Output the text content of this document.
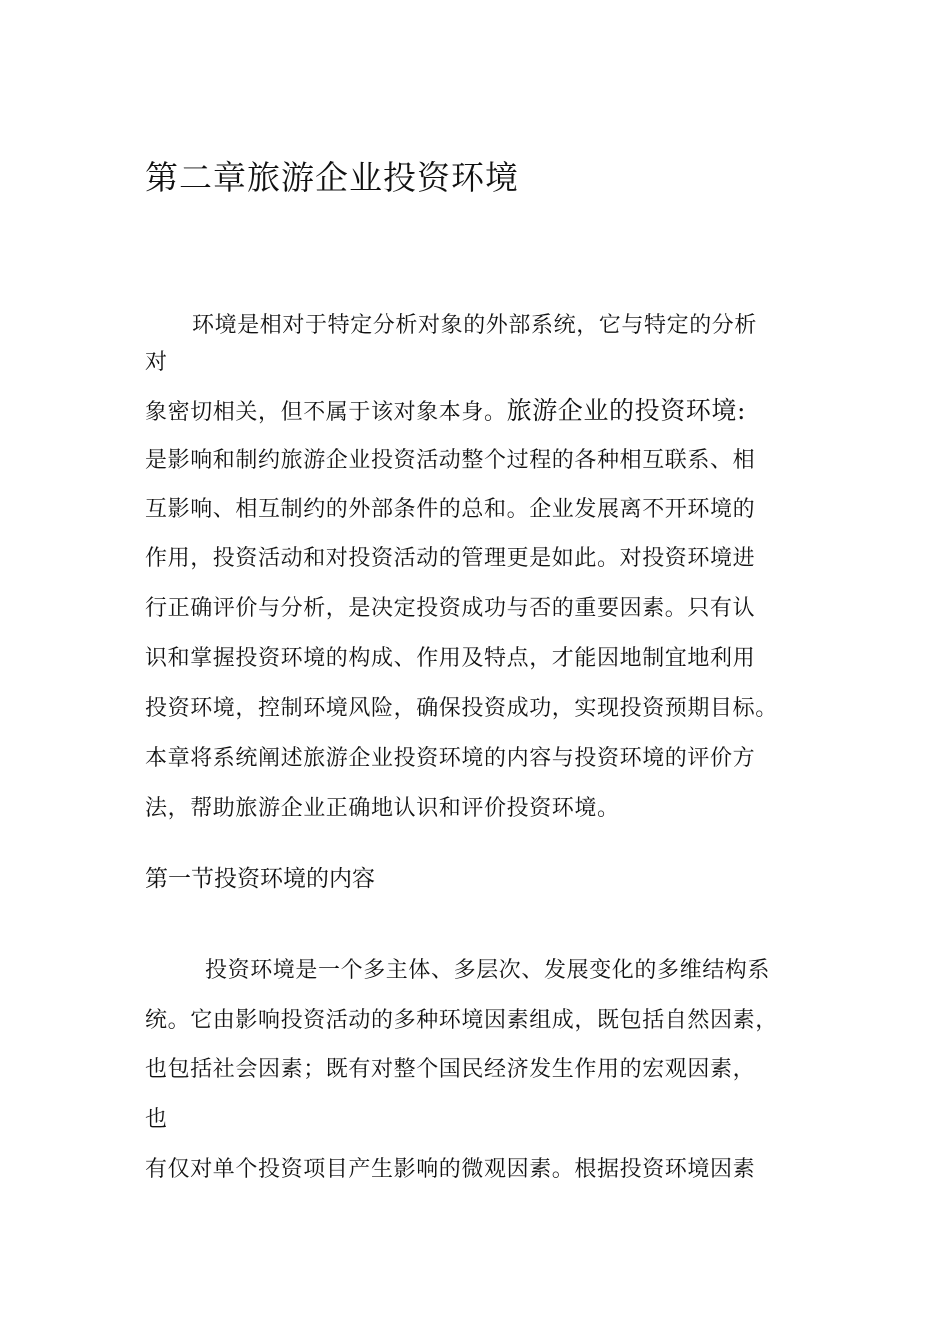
第二章旅游企业投资环境
环境是相对于特定分析对象的外部系统，它与特定的分析
对
象密切相关，但不属于该对象本身。旅游企业的投资环境:
是影响和制约旅游企业投资活动整个过程的各种相互联系、相
互影响、相互制约的外部条件的总和。企业发展离不开环境的
作用，投资活动和对投资活动的管理更是如此。对投资环境进
行正确评价与分析，是决定投资成功与否的重要因素。只有认
识和掌握投资环境的构成、作用及特点，才能因地制宜地利用
投资环境，控制环境风险，确保投资成功，实现投资预期目标。
本章将系统阐述旅游企业投资环境的内容与投资环境的评价方
法，帮助旅游企业正确地认识和评价投资环境。
第一节投资环境的内容
投资环境是一个多主体、多层次、发展变化的多维结构系
统。它由影响投资活动的多种环境因素组成，既包括自然因素，
也包括社会因素；既有对整个国民经济发生作用的宏观因素，
也
有仅对单个投资项目产生影响的微观因素。根据投资环境因素
